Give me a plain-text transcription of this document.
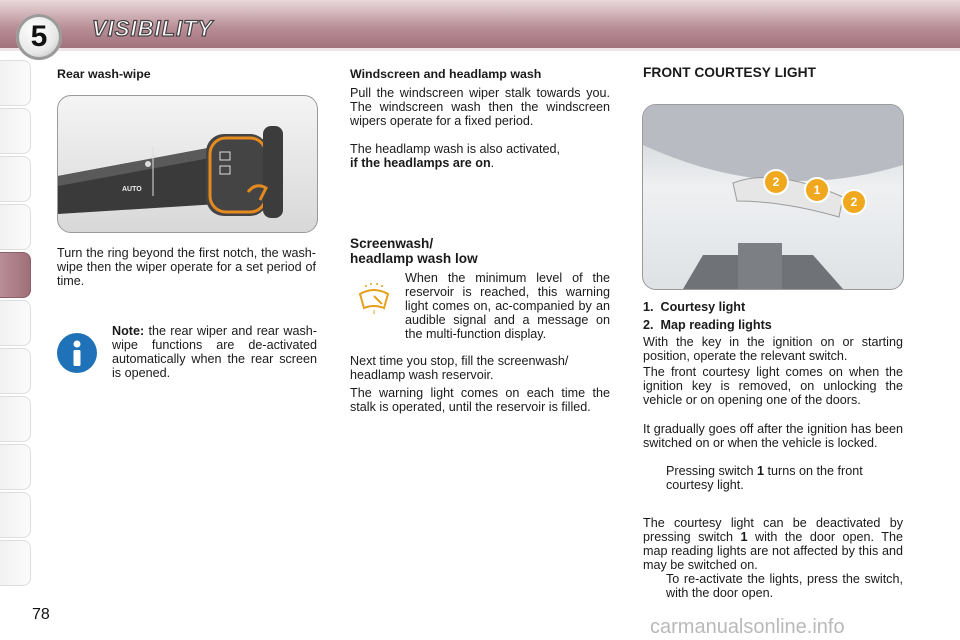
5	VISIBILITY
Rear wash-wipe
AUTO
◀◀
Turn the ring beyond the first notch, the wash-wipe then the wiper operate for a set period of time.
Note: the rear wiper and rear wash-wipe functions are de-activated automatically when the rear screen is opened.
Windscreen and headlamp wash
Pull the windscreen wiper stalk towards you. The windscreen wash then the windscreen wipers operate for a fixed period.
The headlamp wash is also activated,
if the headlamps are on.
Screenwash/
headlamp wash low
When the minimum level of the reservoir is reached, this warning light comes on, ac-companied by an audible signal and a message on the multi-function display.
Next time you stop, fill the screenwash/ headlamp wash reservoir.
The warning light comes on each time the stalk is operated, until the reservoir is filled.
FRONT COURTESY LIGHT
2
1
2
1. Courtesy light
2. Map reading lights
With the key in the ignition on or starting position, operate the relevant switch.
The front courtesy light comes on when the ignition key is removed, on unlocking the vehicle or on opening one of the doors.
It gradually goes off after the ignition has been switched on or when the vehicle is locked.
Pressing switch 1 turns on the front courtesy light.
The courtesy light can be deactivated by pressing switch 1 with the door open. The map reading lights are not affected by this and may be switched on.
To re-activate the lights, press the switch, with the door open.
78
carmanualsonline.info
